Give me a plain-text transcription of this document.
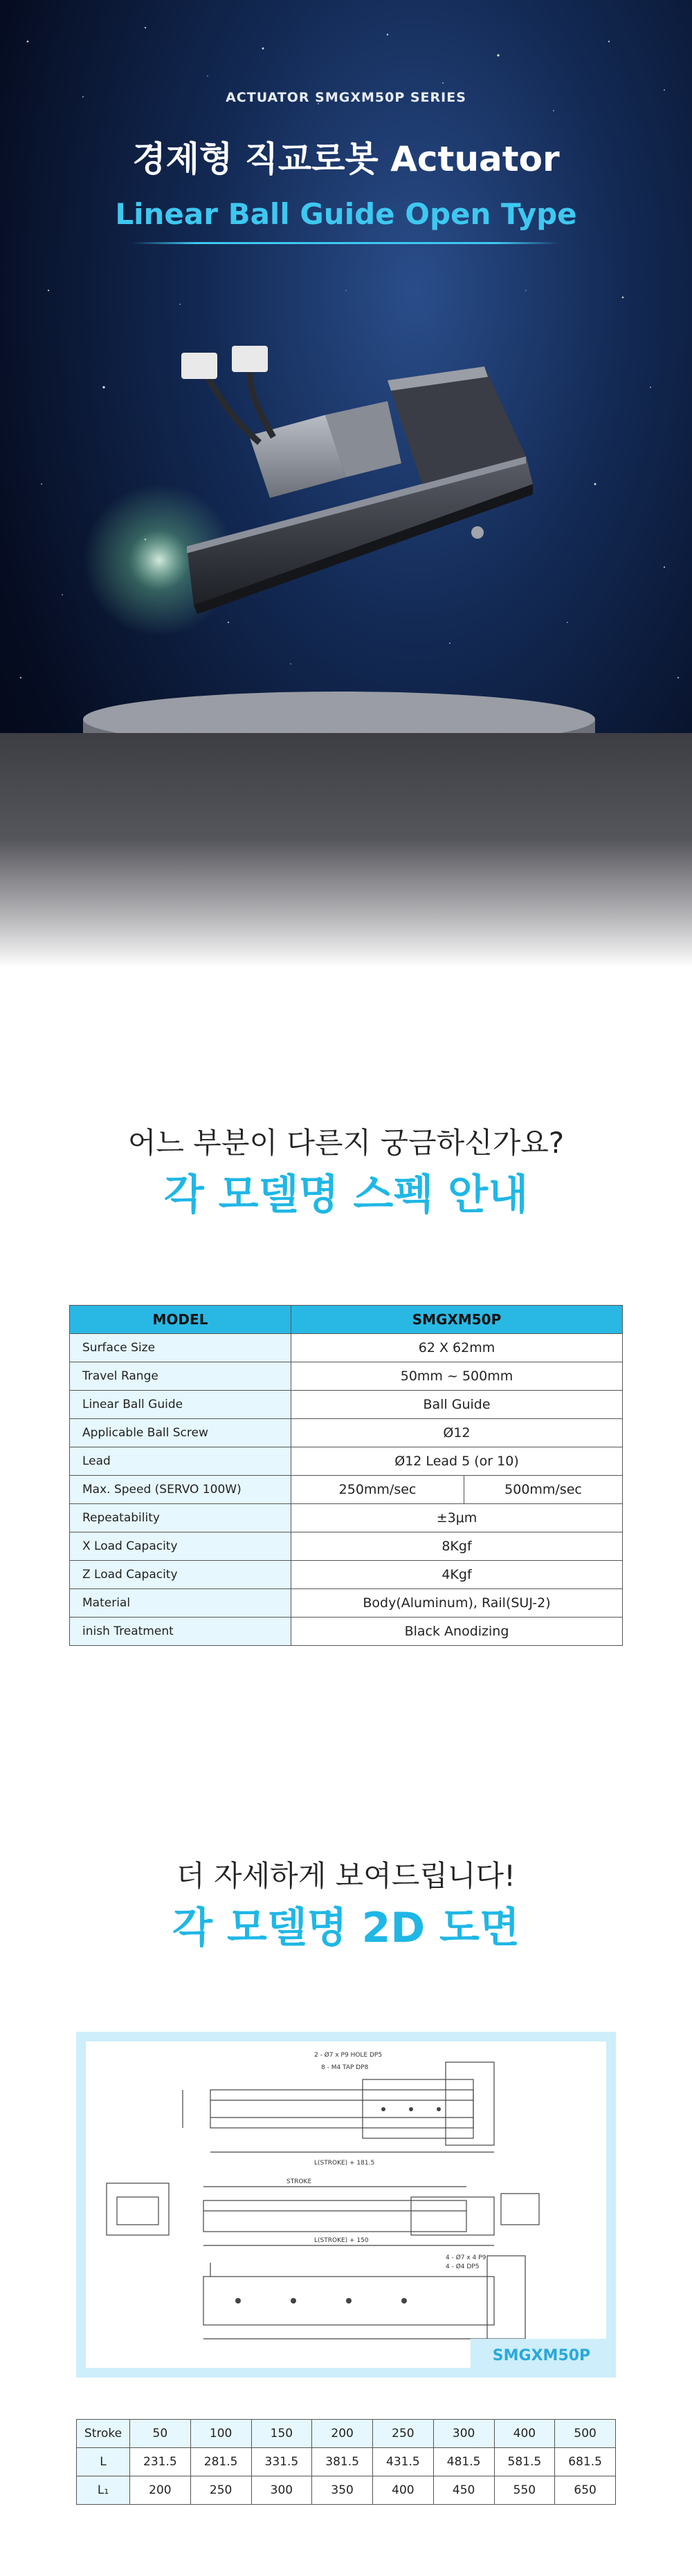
ACTUATOR SMGXM50P SERIES
경제형 직교로봇 Actuator
Linear Ball Guide Open Type
어느 부분이 다른지 궁금하신가요?
각 모델명 스펙 안내
MODEL	SMGXM50P	
Surface Size	62 X 62mm	
Travel Range	50mm ~ 500mm	
Linear Ball Guide	Ball Guide	
Applicable Ball Screw	Ø12	
Lead	Ø12 Lead 5 (or 10)	
Max. Speed (SERVO 100W)	250mm/sec	500mm/sec
Repeatability	±3μm	
X Load Capacity	8Kgf	
Z Load Capacity	4Kgf	
Material	Body(Aluminum), Rail(SUJ-2)	
inish Treatment	Black Anodizing	
더 자세하게 보여드립니다!
각 모델명 2D 도면
2 - Ø7 x P9 HOLE DP5
8 - M4 TAP DP8
L(STROKE) + 181.5
STROKE
L(STROKE) + 150
4 - Ø7 x 4 P9
4 - Ø4 DP5
SMGXM50P
Stroke	50	100	150	200	250	300	400	500
L	231.5	281.5	331.5	381.5	431.5	481.5	581.5	681.5
L₁	200	250	300	350	400	450	550	650
